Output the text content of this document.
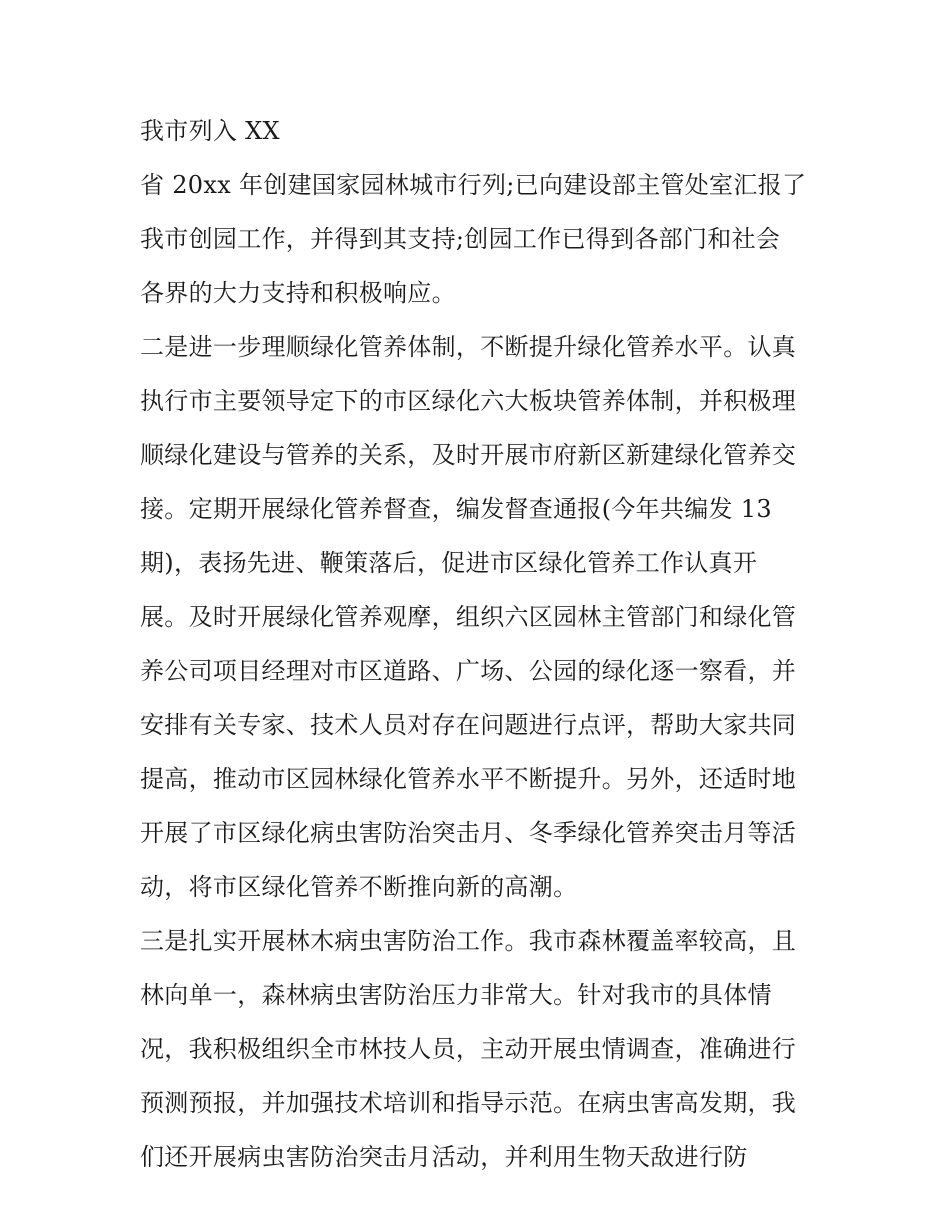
我市列入 XX
省 20xx 年创建国家园林城市行列;已向建设部主管处室汇报了
我市创园工作，并得到其支持;创园工作已得到各部门和社会
各界的大力支持和积极响应。
二是进一步理顺绿化管养体制，不断提升绿化管养水平。认真
执行市主要领导定下的市区绿化六大板块管养体制，并积极理
顺绿化建设与管养的关系，及时开展市府新区新建绿化管养交
接。定期开展绿化管养督查，编发督查通报(今年共编发 13
期)，表扬先进、鞭策落后，促进市区绿化管养工作认真开
展。及时开展绿化管养观摩，组织六区园林主管部门和绿化管
养公司项目经理对市区道路、广场、公园的绿化逐一察看，并
安排有关专家、技术人员对存在问题进行点评，帮助大家共同
提高，推动市区园林绿化管养水平不断提升。另外，还适时地
开展了市区绿化病虫害防治突击月、冬季绿化管养突击月等活
动，将市区绿化管养不断推向新的高潮。
三是扎实开展林木病虫害防治工作。我市森林覆盖率较高，且
林向单一，森林病虫害防治压力非常大。针对我市的具体情
况，我积极组织全市林技人员，主动开展虫情调查，准确进行
预测预报，并加强技术培训和指导示范。在病虫害高发期，我
们还开展病虫害防治突击月活动，并利用生物天敌进行防
